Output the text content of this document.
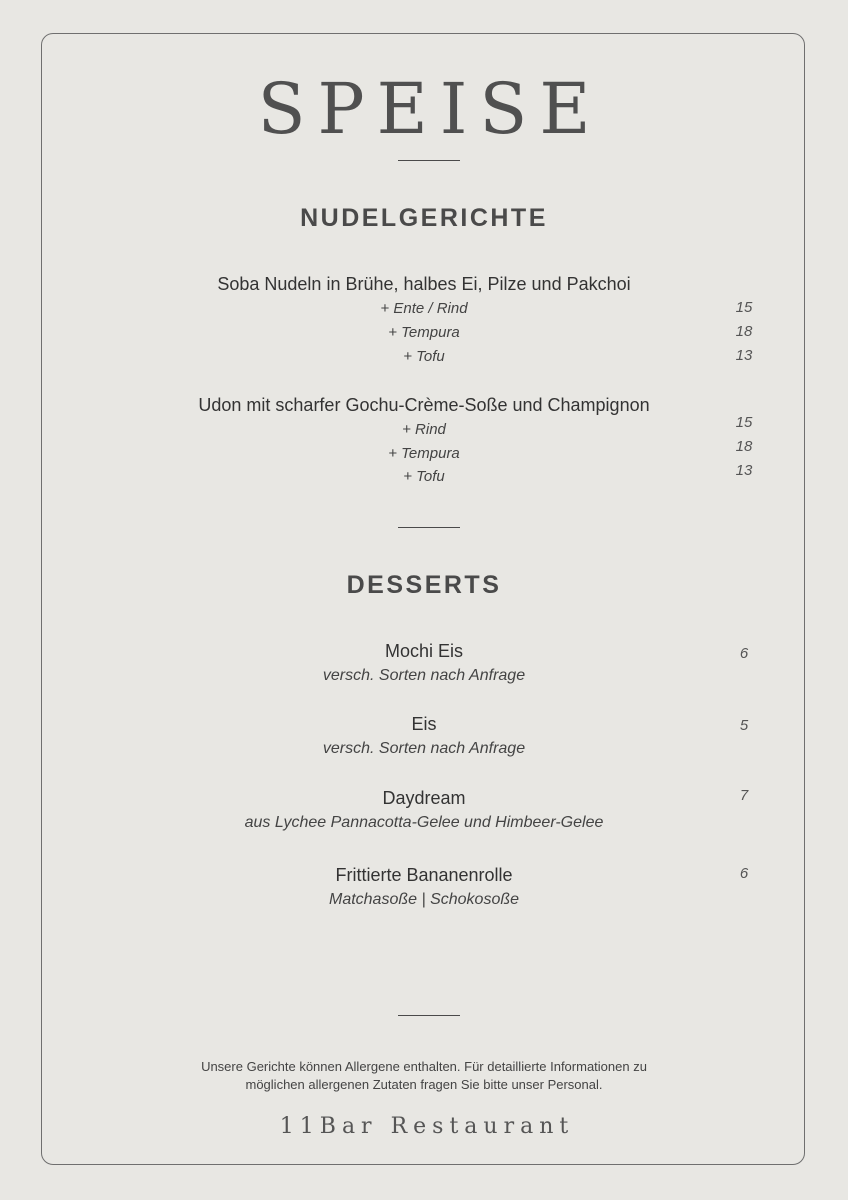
SPEISE
NUDELGERICHTE
Soba Nudeln in Brühe, halbes Ei, Pilze und Pakchoi
+ Ente / Rind	15
+ Tempura	18
+ Tofu	13
Udon mit scharfer Gochu-Crème-Soße und Champignon
+ Rind	15
+ Tempura	18
+ Tofu	13
DESSERTS
Mochi Eis
versch. Sorten nach Anfrage
6
Eis
versch. Sorten nach Anfrage
5
Daydream
aus Lychee Pannacotta-Gelee und Himbeer-Gelee
7
Frittierte Bananenrolle
Matchasoße | Schokosoße
6
Unsere Gerichte können Allergene enthalten. Für detaillierte Informationen zu
möglichen allergenen Zutaten fragen Sie bitte unser Personal.
11Bar Restaurant
